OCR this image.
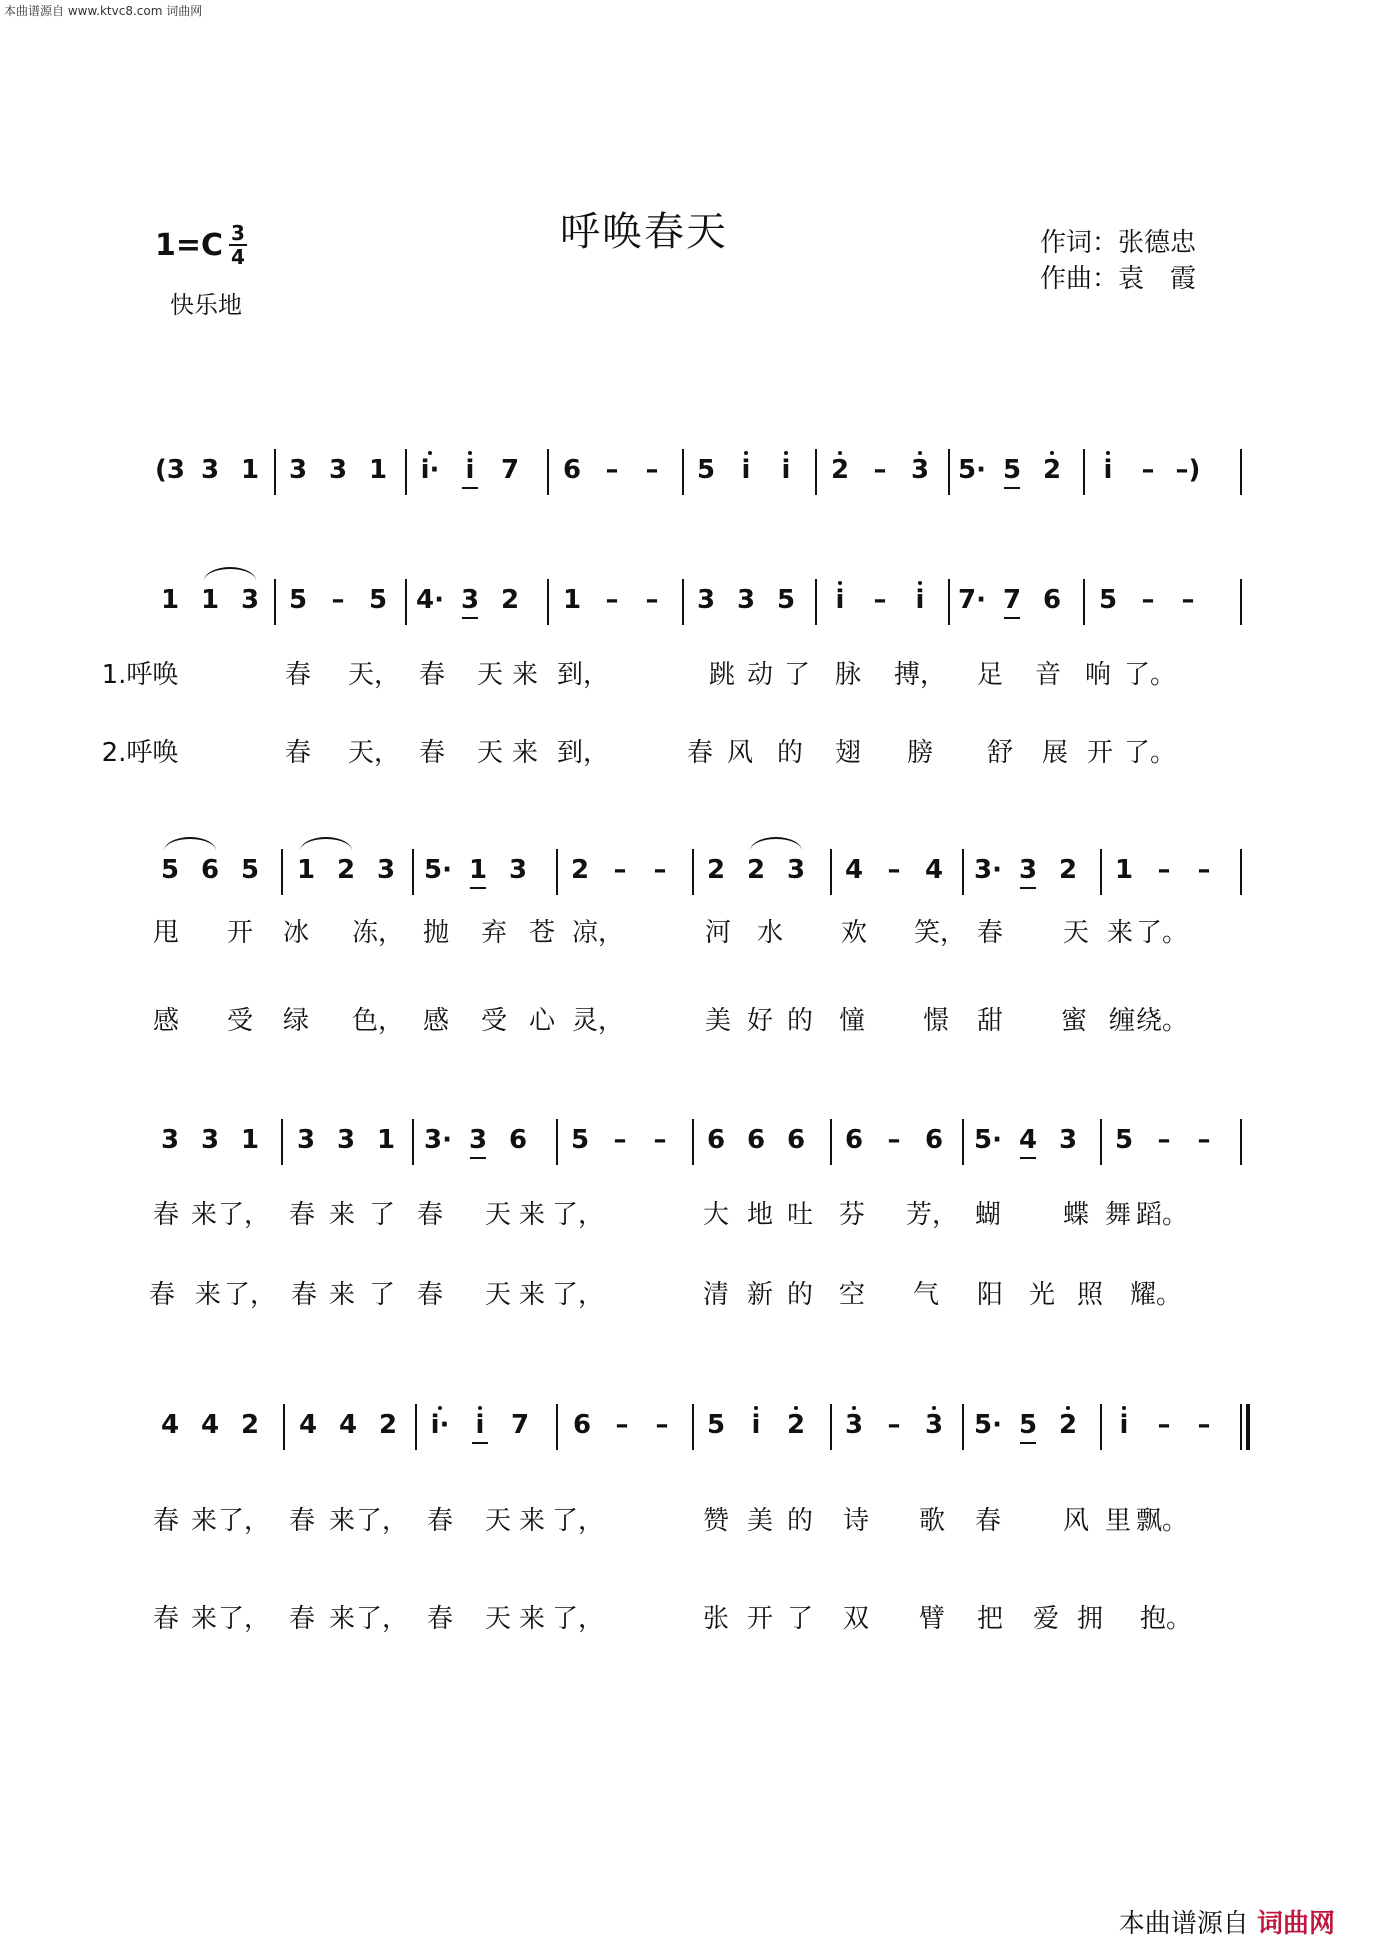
本曲谱源自 www.ktvc8.com 词曲网
呼唤春天
1=C 3
4
快乐地
作词：张德忠
作曲：袁　霞
(3 3 1 3 3 1 i· i 7 6 – – 5 i i 2 – 3 5· 5 2 i – –)
1 1 3 5 – 5 4· 3 2 1 – – 3 3 5 i – i 7· 7 6 5 – –
5 6 5 1 2 3 5· 1 3 2 – – 2 2 3 4 – 4 3· 3 2 1 – –
3 3 1 3 3 1 3· 3 6 5 – – 6 6 6 6 – 6 5· 4 3 5 – –
4 4 2 4 4 2 i· i 7 6 – – 5 i 2 3 – 3 5· 5 2 i – –
1.呼唤	春 天， 春 天 来 到，	跳 动 了 脉 搏， 足 音 响 了。
2.呼唤	春 天， 春 天 来 到，	春 风 的 翅 膀 舒 展 开 了。
甩 开 冰 冻， 抛 弃 苍 凉，	河 水 欢 笑， 春 天 来 了。
感 受 绿 色， 感 受 心 灵，	美 好 的 憧 憬 甜 蜜 缠 绕。
春 来 了， 春 来 了 春 天 来 了，	大 地 吐 芬 芳， 蝴 蝶 舞 蹈。
春 来 了， 春 来 了 春 天 来 了，	清 新 的 空 气 阳 光 照 耀。
春 来 了， 春 来 了， 春 天 来 了，	赞 美 的 诗 歌 春 风 里 飘。
春 来 了， 春 来 了， 春 天 来 了，	张 开 了 双 臂 把 爱 拥 抱。
本曲谱源自 词曲网
